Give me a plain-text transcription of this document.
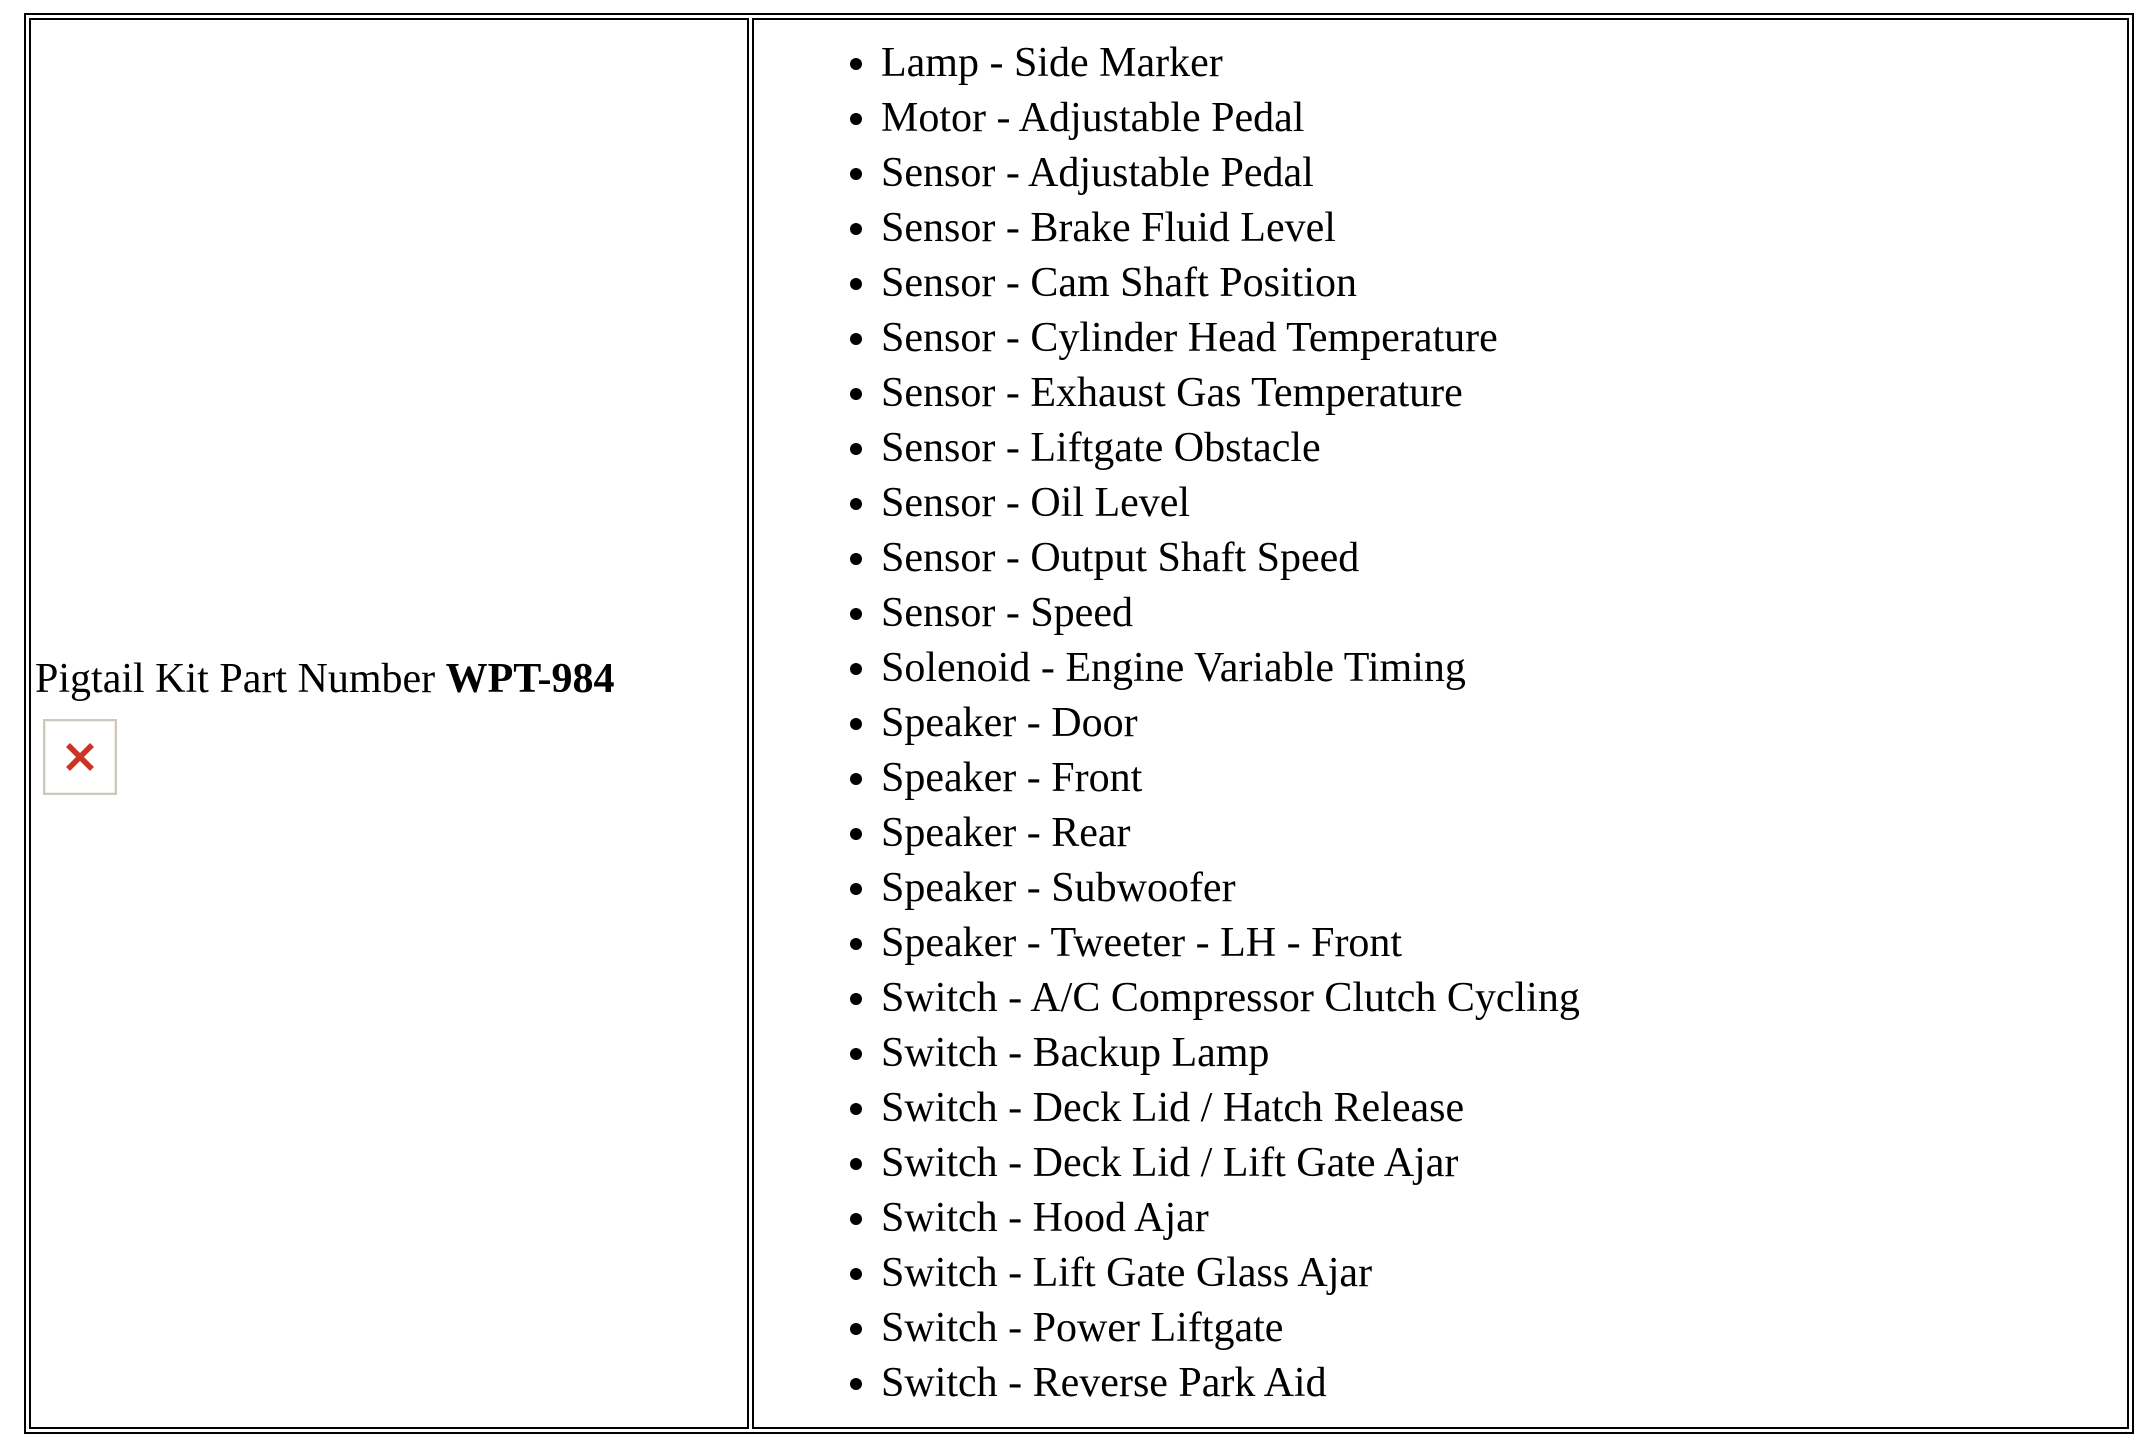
Pigtail Kit Part Number WPT-984

• Lamp - Side Marker
• Motor - Adjustable Pedal
• Sensor - Adjustable Pedal
• Sensor - Brake Fluid Level
• Sensor - Cam Shaft Position
• Sensor - Cylinder Head Temperature
• Sensor - Exhaust Gas Temperature
• Sensor - Liftgate Obstacle
• Sensor - Oil Level
• Sensor - Output Shaft Speed
• Sensor - Speed
• Solenoid - Engine Variable Timing
• Speaker - Door
• Speaker - Front
• Speaker - Rear
• Speaker - Subwoofer
• Speaker - Tweeter - LH - Front
• Switch - A/C Compressor Clutch Cycling
• Switch - Backup Lamp
• Switch - Deck Lid / Hatch Release
• Switch - Deck Lid / Lift Gate Ajar
• Switch - Hood Ajar
• Switch - Lift Gate Glass Ajar
• Switch - Power Liftgate
• Switch - Reverse Park Aid
